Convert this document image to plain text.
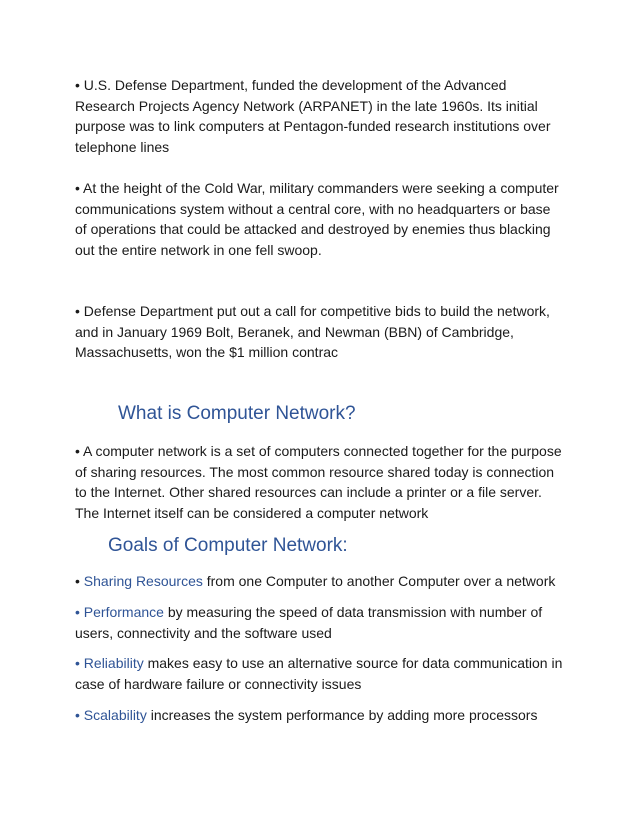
• U.S. Defense Department, funded the development of the Advanced Research Projects Agency Network (ARPANET) in the late 1960s. Its initial purpose was to link computers at Pentagon-funded research institutions over telephone lines

• At the height of the Cold War, military commanders were seeking a computer communications system without a central core, with no headquarters or base of operations that could be attacked and destroyed by enemies thus blacking out the entire network in one fell swoop.

• Defense Department put out a call for competitive bids to build the network, and in January 1969 Bolt, Beranek, and Newman (BBN) of Cambridge, Massachusetts, won the $1 million contrac

What is Computer Network?

• A computer network is a set of computers connected together for the purpose of sharing resources. The most common resource shared today is connection to the Internet. Other shared resources can include a printer or a file server. The Internet itself can be considered a computer network

Goals of Computer Network:

• Sharing Resources from one Computer to another Computer over a network

• Performance by measuring the speed of data transmission with number of users, connectivity and the software used

• Reliability makes easy to use an alternative source for data communication in case of hardware failure or connectivity issues

• Scalability increases the system performance by adding more processors
